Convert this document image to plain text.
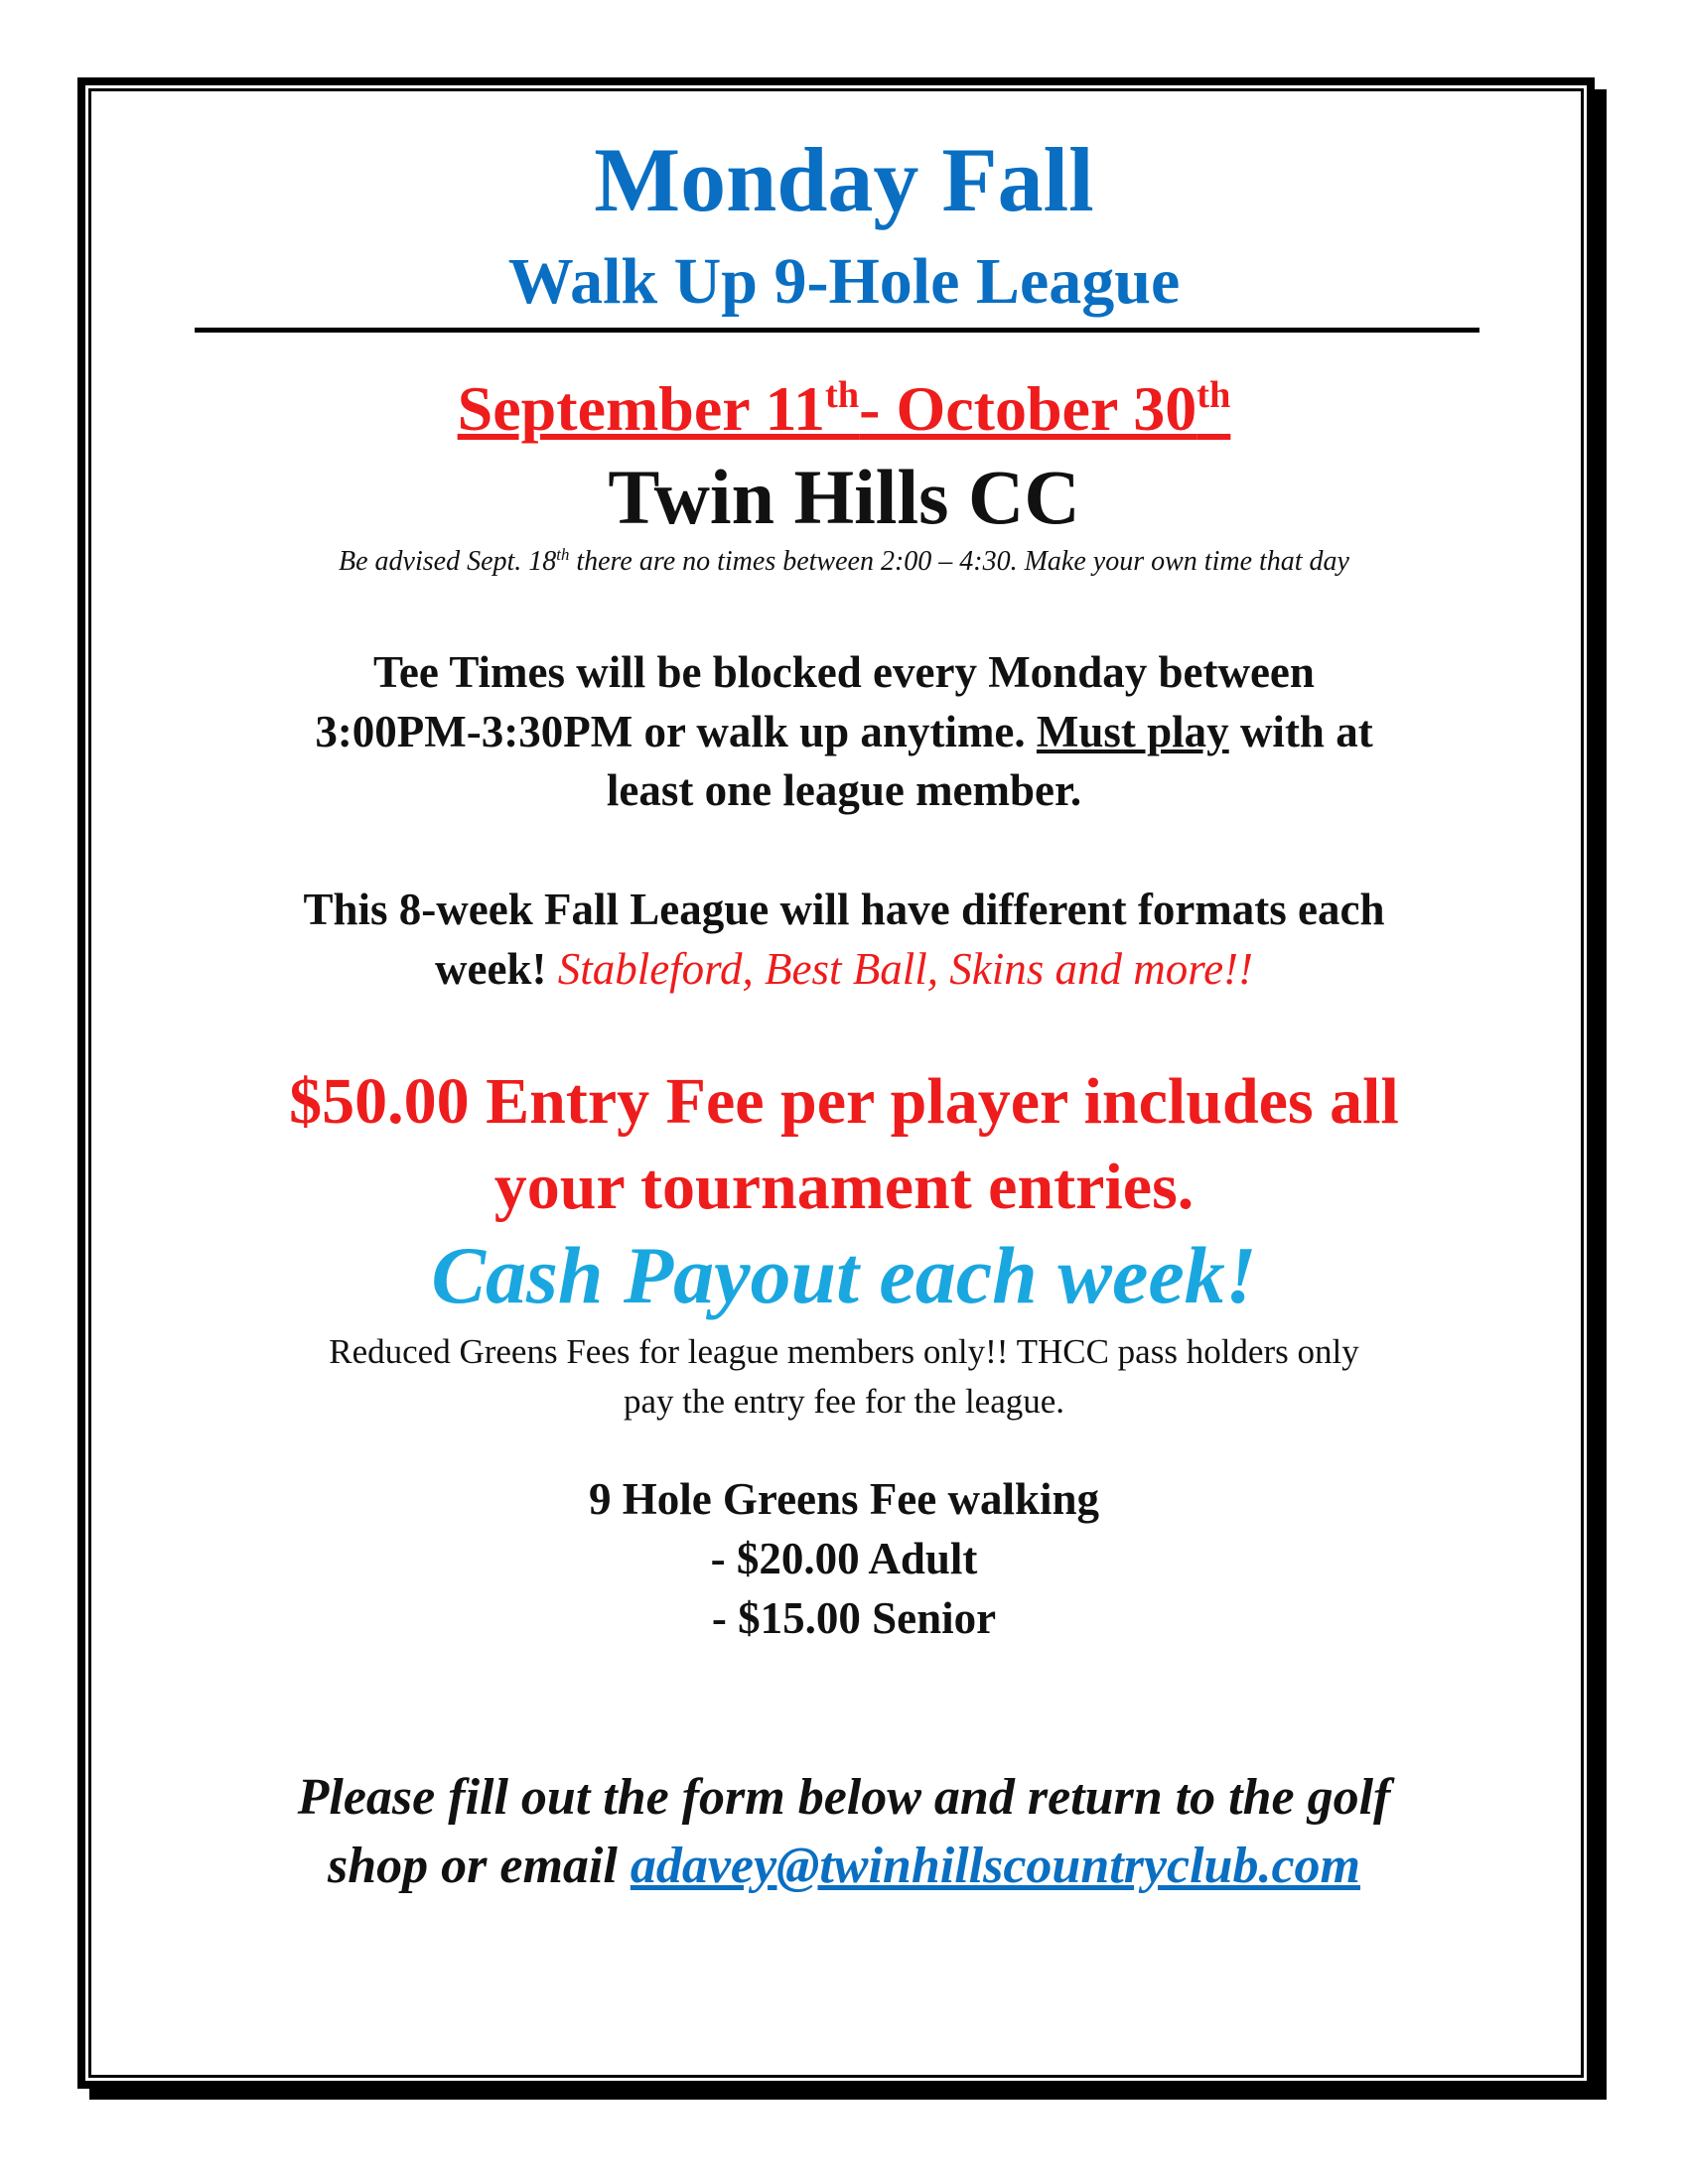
Monday Fall
Walk Up 9-Hole League
September 11th- October 30th
Twin Hills CC
Be advised Sept. 18th there are no times between 2:00 – 4:30. Make your own time that day
Tee Times will be blocked every Monday between
3:00PM-3:30PM or walk up anytime. Must play with at
least one league member.
This 8-week Fall League will have different formats each
week! Stableford, Best Ball, Skins and more!!
$50.00 Entry Fee per player includes all
your tournament entries.
Cash Payout each week!
Reduced Greens Fees for league members only!! THCC pass holders only
pay the entry fee for the league.
9 Hole Greens Fee walking
- $20.00 Adult
- $15.00 Senior
Please fill out the form below and return to the golf
shop or email adavey@twinhillscountryclub.com
